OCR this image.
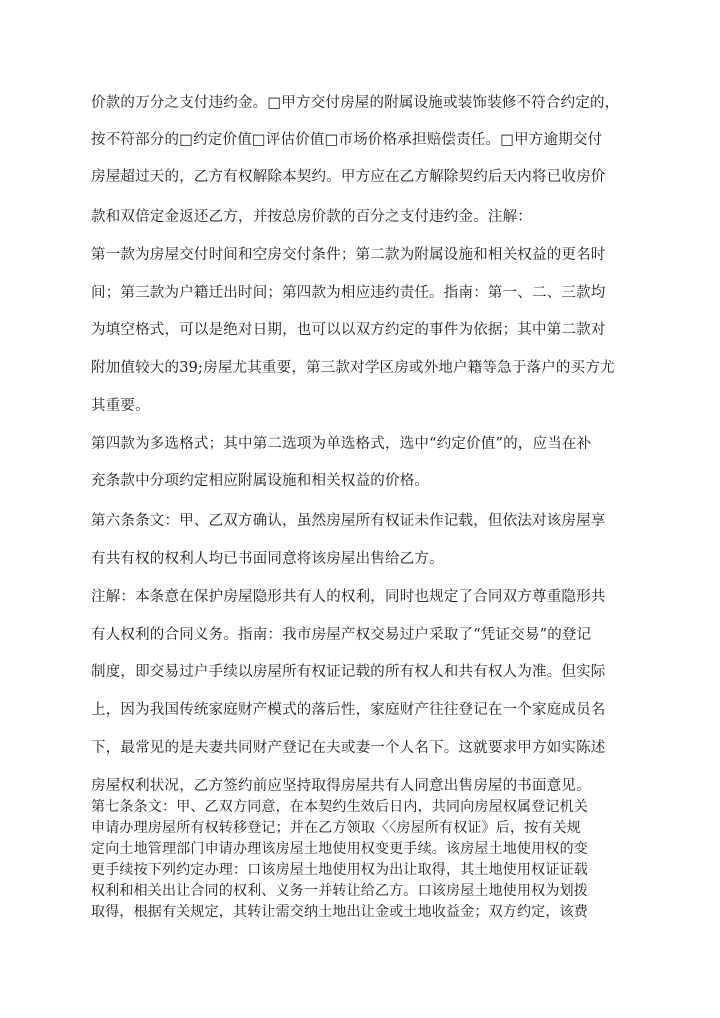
价款的万分之支付违约金。□甲方交付房屋的附属设施或装饰装修不符合约定的，
按不符部分的□约定价值□评估价值□市场价格承担赔偿责任。□甲方逾期交付
房屋超过天的，乙方有权解除本契约。甲方应在乙方解除契约后天内将已收房价
款和双倍定金返还乙方，并按总房价款的百分之支付违约金。注解：
第一款为房屋交付时间和空房交付条件；第二款为附属设施和相关权益的更名时
间；第三款为户籍迁出时间；第四款为相应违约责任。指南：第一、二、三款均
为填空格式，可以是绝对日期，也可以以双方约定的事件为依据；其中第二款对
附加值较大的39;房屋尤其重要，第三款对学区房或外地户籍等急于落户的买方尤
其重要。
第四款为多选格式；其中第二选项为单选格式，选中“约定价值”的，应当在补
充条款中分项约定相应附属设施和相关权益的价格。
第六条条文：甲、乙双方确认，虽然房屋所有权证未作记载，但依法对该房屋享
有共有权的权利人均已书面同意将该房屋出售给乙方。
注解：本条意在保护房屋隐形共有人的权利，同时也规定了合同双方尊重隐形共
有人权利的合同义务。指南：我市房屋产权交易过户采取了“凭证交易”的登记
制度，即交易过户手续以房屋所有权证记载的所有权人和共有权人为准。但实际
上，因为我国传统家庭财产模式的落后性，家庭财产往往登记在一个家庭成员名
下，最常见的是夫妻共同财产登记在夫或妻一个人名下。这就要求甲方如实陈述
房屋权利状况，乙方签约前应坚持取得房屋共有人同意出售房屋的书面意见。
第七条条文：甲、乙双方同意，在本契约生效后日内，共同向房屋权属登记机关
申请办理房屋所有权转移登记；并在乙方领取〈〈房屋所有权证》后，按有关规
定向土地管理部门申请办理该房屋土地使用权变更手续。该房屋土地使用权的变
更手续按下列约定办理：口该房屋土地使用权为出让取得，其土地使用权证证载
权利和相关出让合同的权利、义务一并转让给乙方。口该房屋土地使用权为划拨
取得，根据有关规定，其转让需交纳土地出让金或土地收益金；双方约定，该费
